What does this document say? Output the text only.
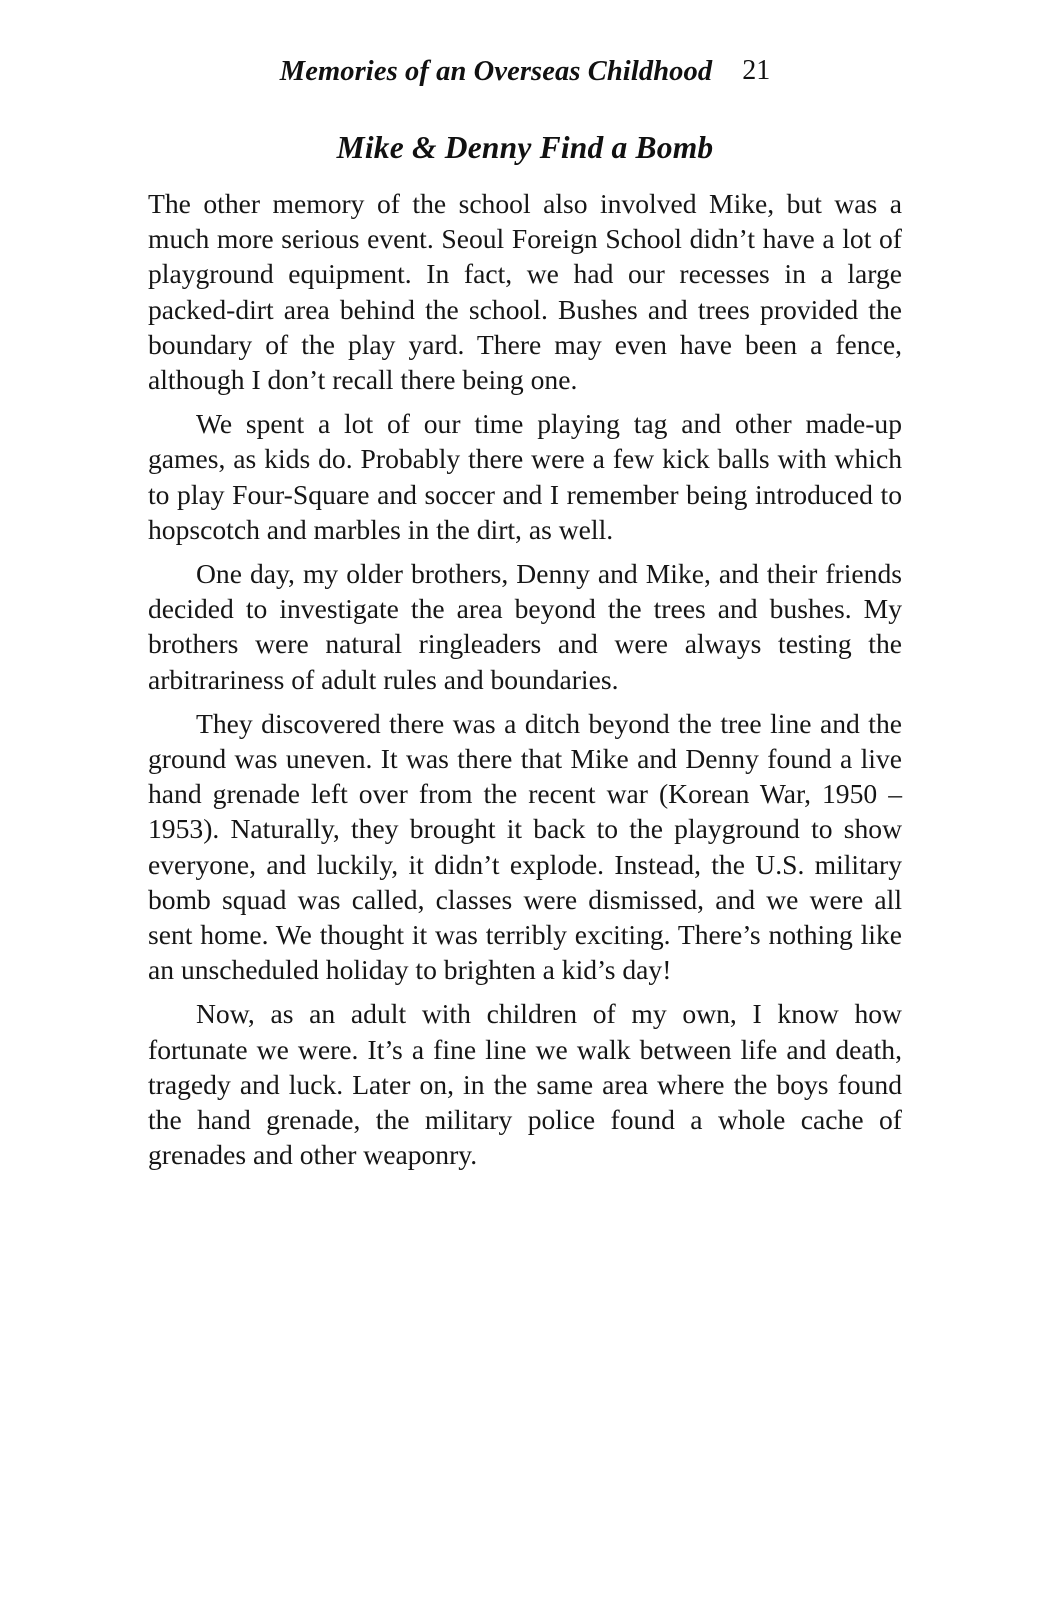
Memories of an Overseas Childhood 21
Mike & Denny Find a Bomb

The other memory of the school also involved Mike, but was a much more serious event. Seoul Foreign School didn’t have a lot of playground equipment. In fact, we had our recesses in a large packed-dirt area behind the school. Bushes and trees provided the boundary of the play yard. There may even have been a fence, although I don’t recall there being one.

We spent a lot of our time playing tag and other made-up games, as kids do. Probably there were a few kick balls with which to play Four-Square and soccer and I remember being introduced to hopscotch and marbles in the dirt, as well.

One day, my older brothers, Denny and Mike, and their friends decided to investigate the area beyond the trees and bushes. My brothers were natural ringleaders and were always testing the arbitrariness of adult rules and boundaries.

They discovered there was a ditch beyond the tree line and the ground was uneven. It was there that Mike and Denny found a live hand grenade left over from the recent war (Korean War, 1950 – 1953). Naturally, they brought it back to the playground to show everyone, and luckily, it didn’t explode. Instead, the U.S. military bomb squad was called, classes were dismissed, and we were all sent home. We thought it was terribly exciting. There’s nothing like an unscheduled holiday to brighten a kid’s day!

Now, as an adult with children of my own, I know how fortunate we were. It’s a fine line we walk between life and death, tragedy and luck. Later on, in the same area where the boys found the hand grenade, the military police found a whole cache of grenades and other weaponry.
